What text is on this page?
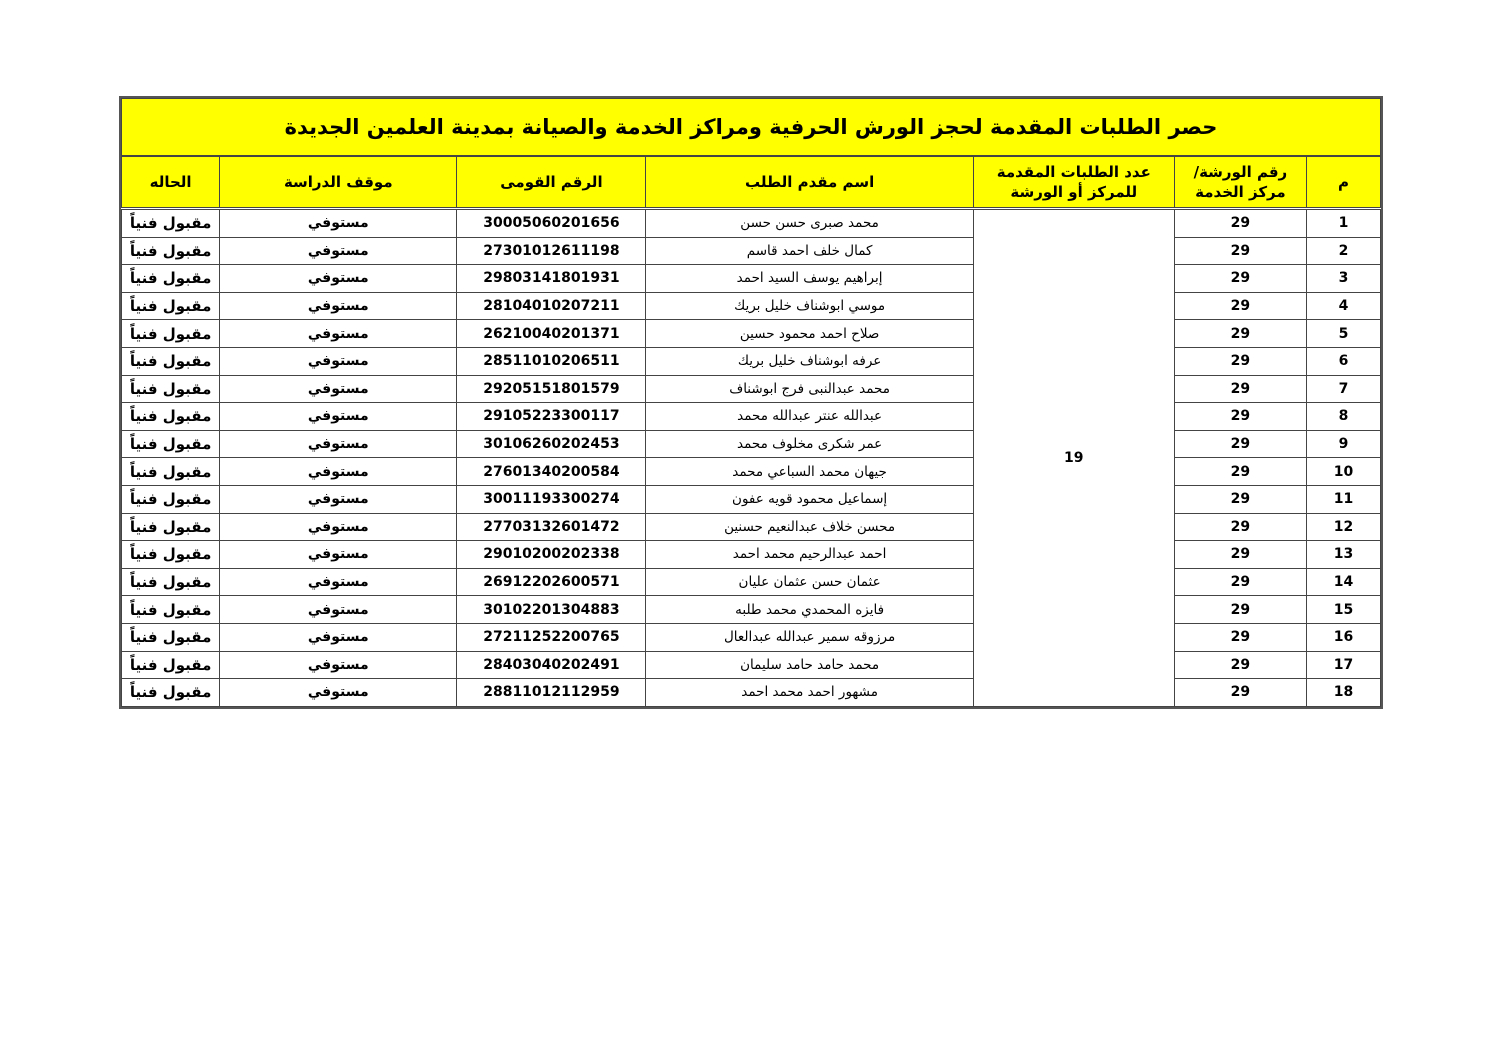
حصر الطلبات المقدمة لحجز الورش الحرفية ومراكز الخدمة والصيانة بمدينة العلمين الجديدة						
م	رقم الورشة/ مركز الخدمة	عدد الطلبات المقدمة للمركز أو الورشة	اسم مقدم الطلب	الرقم القومى	موقف الدراسة	الحاله
1	29	19	محمد صبرى حسن حسن	30005060201656	مستوفي	مقبول فنياً
2	29		كمال خلف احمد قاسم	27301012611198	مستوفي	مقبول فنياً
3	29		إبراهيم يوسف السيد احمد	29803141801931	مستوفي	مقبول فنياً
4	29		موسي ابوشناف خليل بريك	28104010207211	مستوفي	مقبول فنياً
5	29		صلاح احمد محمود حسين	26210040201371	مستوفي	مقبول فنياً
6	29		عرفه ابوشناف خليل بريك	28511010206511	مستوفي	مقبول فنياً
7	29		محمد عبدالنبى فرج ابوشناف	29205151801579	مستوفي	مقبول فنياً
8	29		عبدالله عنتر عبدالله محمد	29105223300117	مستوفي	مقبول فنياً
9	29		عمر شكرى مخلوف محمد	30106260202453	مستوفي	مقبول فنياً
10	29		جيهان محمد السباعي محمد	27601340200584	مستوفي	مقبول فنياً
11	29		إسماعيل محمود قويه عفون	30011193300274	مستوفي	مقبول فنياً
12	29		محسن خلاف عبدالنعيم حسنين	27703132601472	مستوفي	مقبول فنياً
13	29		احمد عبدالرحيم محمد احمد	29010200202338	مستوفي	مقبول فنياً
14	29		عثمان حسن عثمان عليان	26912202600571	مستوفي	مقبول فنياً
15	29		فايزه المحمدي محمد طلبه	30102201304883	مستوفي	مقبول فنياً
16	29		مرزوقه سمير عبدالله عبدالعال	27211252200765	مستوفي	مقبول فنياً
17	29		محمد حامد حامد سليمان	28403040202491	مستوفي	مقبول فنياً
18	29		مشهور احمد محمد احمد	28811012112959	مستوفي	مقبول فنياً
